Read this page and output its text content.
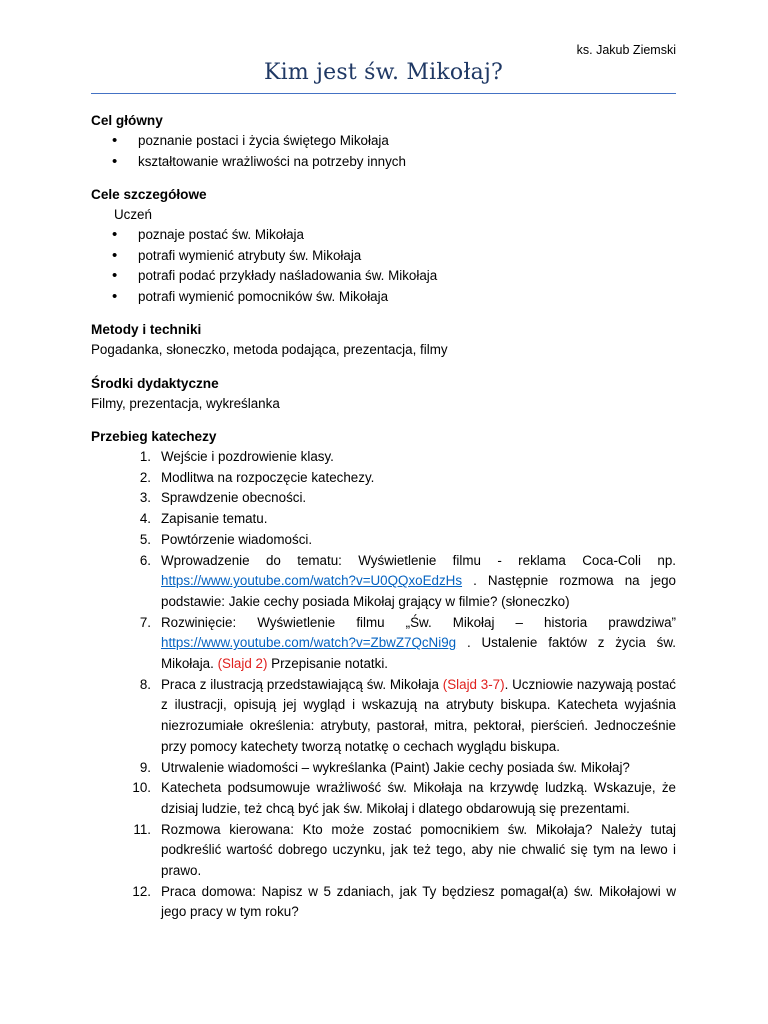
ks. Jakub Ziemski
Kim jest św. Mikołaj?
Cel główny
• poznanie postaci i życia świętego Mikołaja
• kształtowanie wrażliwości na potrzeby innych
Cele szczegółowe
Uczeń
• poznaje postać św. Mikołaja
• potrafi wymienić atrybuty św. Mikołaja
• potrafi podać przykłady naśladowania św. Mikołaja
• potrafi wymienić pomocników św. Mikołaja
Metody i techniki

Pogadanka, słoneczko, metoda podająca, prezentacja, filmy

Środki dydaktyczne

Filmy, prezentacja, wykreślanka

Przebieg katechezy
1. Wejście i pozdrowienie klasy.
2. Modlitwa na rozpoczęcie katechezy.
3. Sprawdzenie obecności.
4. Zapisanie tematu.
5. Powtórzenie wiadomości.
6. Wprowadzenie do tematu: Wyświetlenie filmu - reklama Coca-Coli np. https://www.youtube.com/watch?v=U0QQxoEdzHs . Następnie rozmowa na jego podstawie: Jakie cechy posiada Mikołaj grający w filmie? (słoneczko)
7. Rozwinięcie: Wyświetlenie filmu „Św. Mikołaj – historia prawdziwa” https://www.youtube.com/watch?v=ZbwZ7QcNi9g . Ustalenie faktów z życia św. Mikołaja. (Slajd 2) Przepisanie notatki.
8. Praca z ilustracją przedstawiającą św. Mikołaja (Slajd 3-7). Uczniowie nazywają postać z ilustracji, opisują jej wygląd i wskazują na atrybuty biskupa. Katecheta wyjaśnia niezrozumiałe określenia: atrybuty, pastorał, mitra, pektorał, pierścień. Jednocześnie przy pomocy katechety tworzą notatkę o cechach wyglądu biskupa.
9. Utrwalenie wiadomości – wykreślanka (Paint) Jakie cechy posiada św. Mikołaj?
10. Katecheta podsumowuje wrażliwość św. Mikołaja na krzywdę ludzką. Wskazuje, że dzisiaj ludzie, też chcą być jak św. Mikołaj i dlatego obdarowują się prezentami.
11. Rozmowa kierowana: Kto może zostać pomocnikiem św. Mikołaja? Należy tutaj podkreślić wartość dobrego uczynku, jak też tego, aby nie chwalić się tym na lewo i prawo.
12. Praca domowa: Napisz w 5 zdaniach, jak Ty będziesz pomagał(a) św. Mikołajowi w jego pracy w tym roku?
